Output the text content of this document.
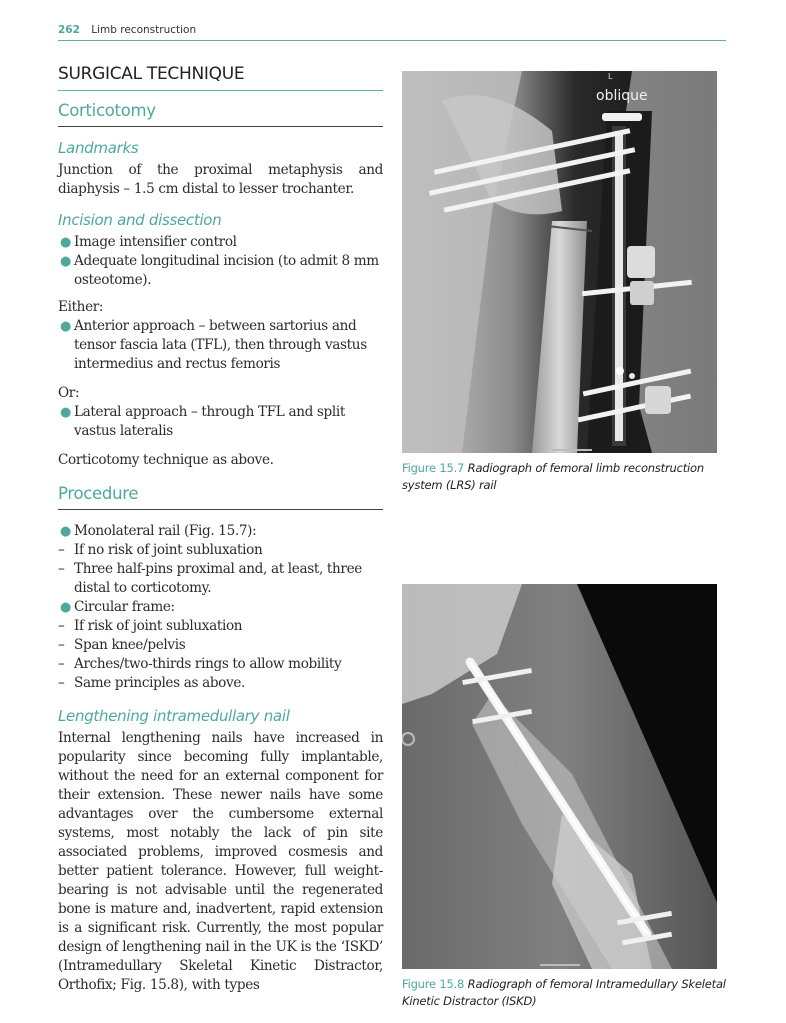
262 Limb reconstruction
SURGICAL TECHNIQUE
Corticotomy
Landmarks

Junction of the proximal metaphysis and diaphysis – 1.5 cm distal to lesser trochanter.

Incision and dissection
● Image intensifier control
● Adequate longitudinal incision (to admit 8 mm osteotome).

Either:

● Anterior approach – between sartorius and tensor fascia lata (TFL), then through vastus intermedius and rectus femoris

Or:

● Lateral approach – through TFL and split vastus lateralis

Corticotomy technique as above.

Procedure
● Monolateral rail (Fig. 15.7):
– If no risk of joint subluxation
– Three half-pins proximal and, at least, three distal to corticotomy.
● Circular frame:
– If risk of joint subluxation
– Span knee/pelvis
– Arches/two-thirds rings to allow mobility
– Same principles as above.
Lengthening intramedullary nail

Internal lengthening nails have increased in popularity since becoming fully implantable, without the need for an external component for their extension. These newer nails have some advantages over the cumbersome external systems, most notably the lack of pin site associated problems, improved cosmesis and better patient tolerance. However, full weight-bearing is not advisable until the regenerated bone is mature and, inadvertent, rapid extension is a significant risk. Currently, the most popular design of lengthening nail in the UK is the ‘ISKD’ (Intramedullary Skeletal Kinetic Distractor, Orthofix; Fig. 15.8), with types

L
oblique
Figure 15.7 Radiograph of femoral limb reconstruction system (LRS) rail
Figure 15.8 Radiograph of femoral Intramedullary Skeletal Kinetic Distractor (ISKD)
